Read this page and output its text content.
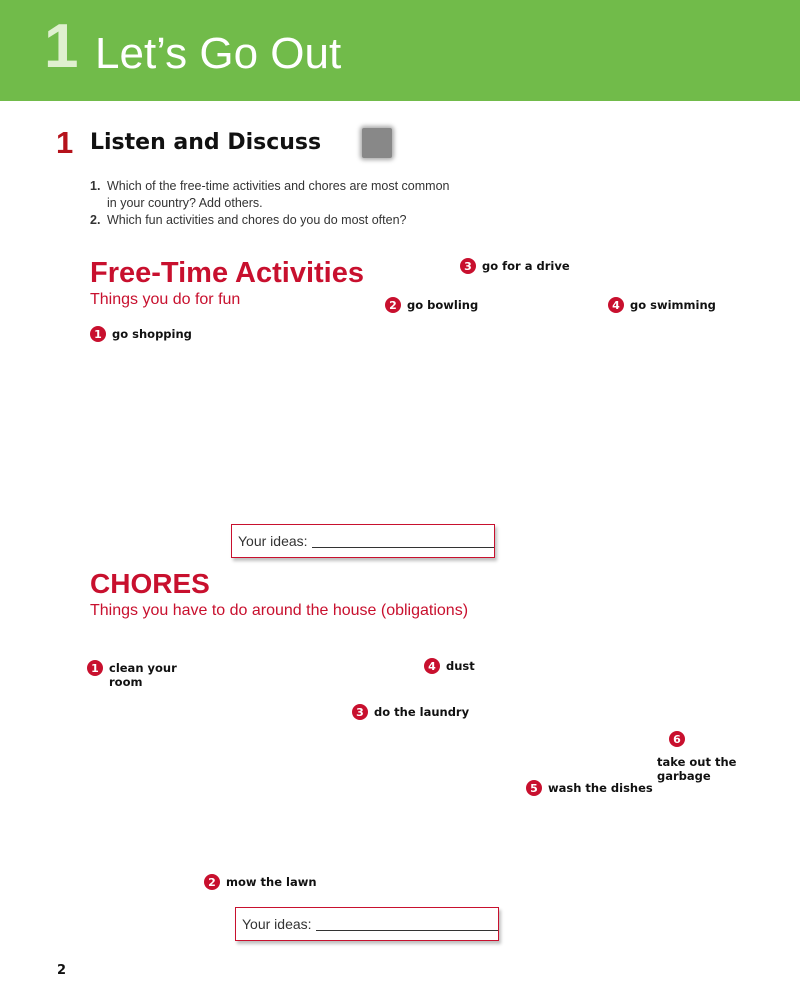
1 Let’s Go Out
1 Listen and Discuss
1. Which of the free-time activities and chores are most common in your country? Add others.
2. Which fun activities and chores do you do most often?
Free-Time Activities
Things you do for fun
1 go shopping
2 go bowling
3 go for a drive
4 go swimming
Your ideas:
CHORES
Things you have to do around the house (obligations)
1 clean your room
2 mow the lawn
3 do the laundry
4 dust
5 wash the dishes
6
take out the garbage
Your ideas:
2
